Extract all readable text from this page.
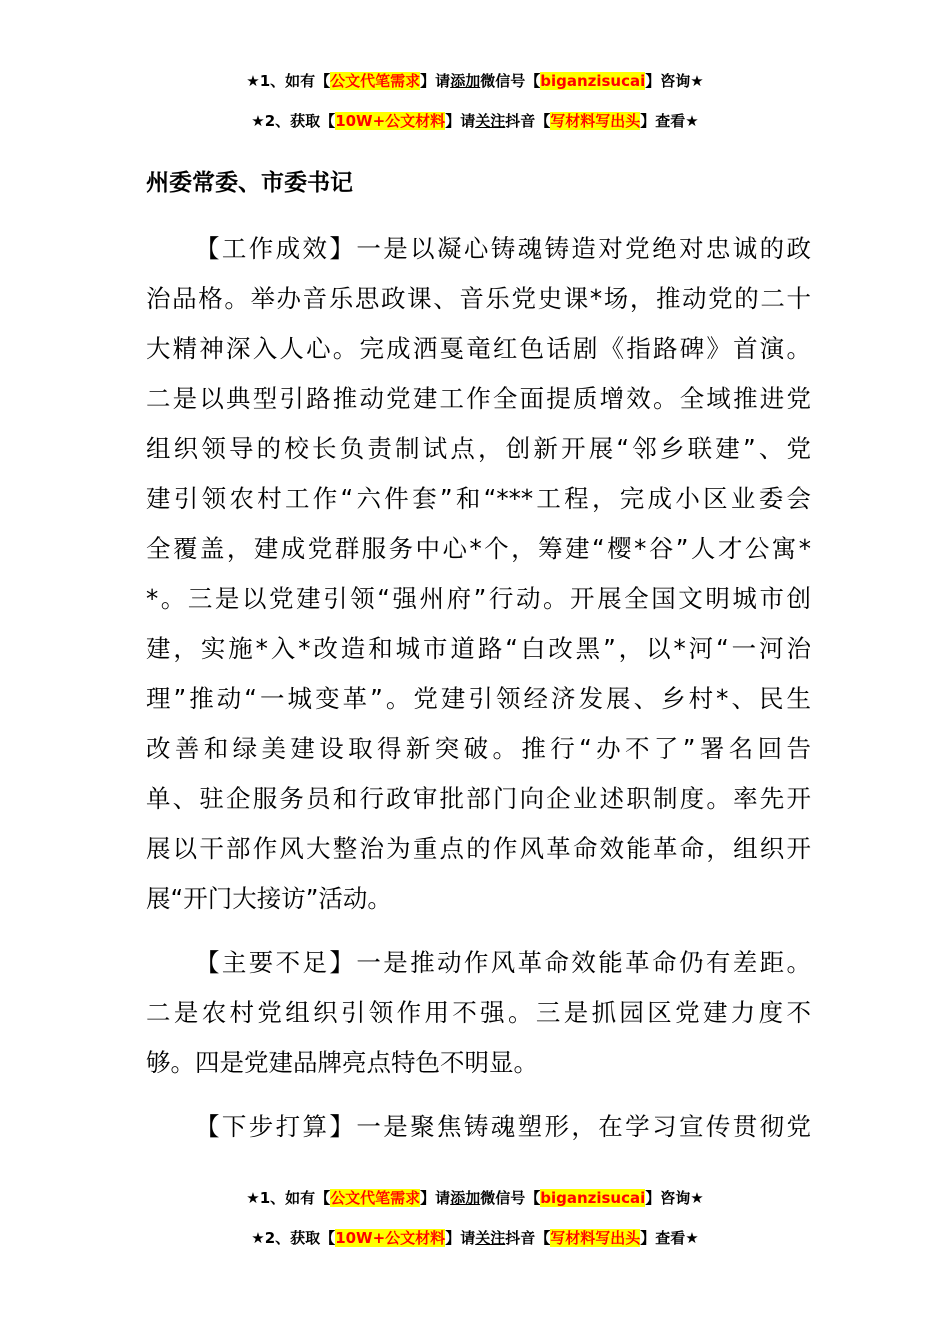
★1、如有【公文代笔需求】请添加微信号【biganzisucai】咨询★
★2、获取【10W+公文材料】请关注抖音【写材料写出头】查看★
州委常委、市委书记
【工作成效】一是以凝心铸魂铸造对党绝对忠诚的政
治品格。举办音乐思政课、音乐党史课*场，推动党的二十
大精神深入人心。完成洒戛竜红色话剧《指路碑》首演。
二是以典型引路推动党建工作全面提质增效。全域推进党
组织领导的校长负责制试点，创新开展“邻乡联建”、党
建引领农村工作“六件套”和“***工程，完成小区业委会
全覆盖，建成党群服务中心*个，筹建“樱*谷”人才公寓*
*。三是以党建引领“强州府”行动。开展全国文明城市创
建，实施*入*改造和城市道路“白改黑”，以*河“一河治
理”推动“一城变革”。党建引领经济发展、乡村*、民生
改善和绿美建设取得新突破。推行“办不了”署名回告
单、驻企服务员和行政审批部门向企业述职制度。率先开
展以干部作风大整治为重点的作风革命效能革命，组织开
展“开门大接访”活动。
【主要不足】一是推动作风革命效能革命仍有差距。
二是农村党组织引领作用不强。三是抓园区党建力度不
够。四是党建品牌亮点特色不明显。
【下步打算】一是聚焦铸魂塑形，在学习宣传贯彻党
★1、如有【公文代笔需求】请添加微信号【biganzisucai】咨询★
★2、获取【10W+公文材料】请关注抖音【写材料写出头】查看★
